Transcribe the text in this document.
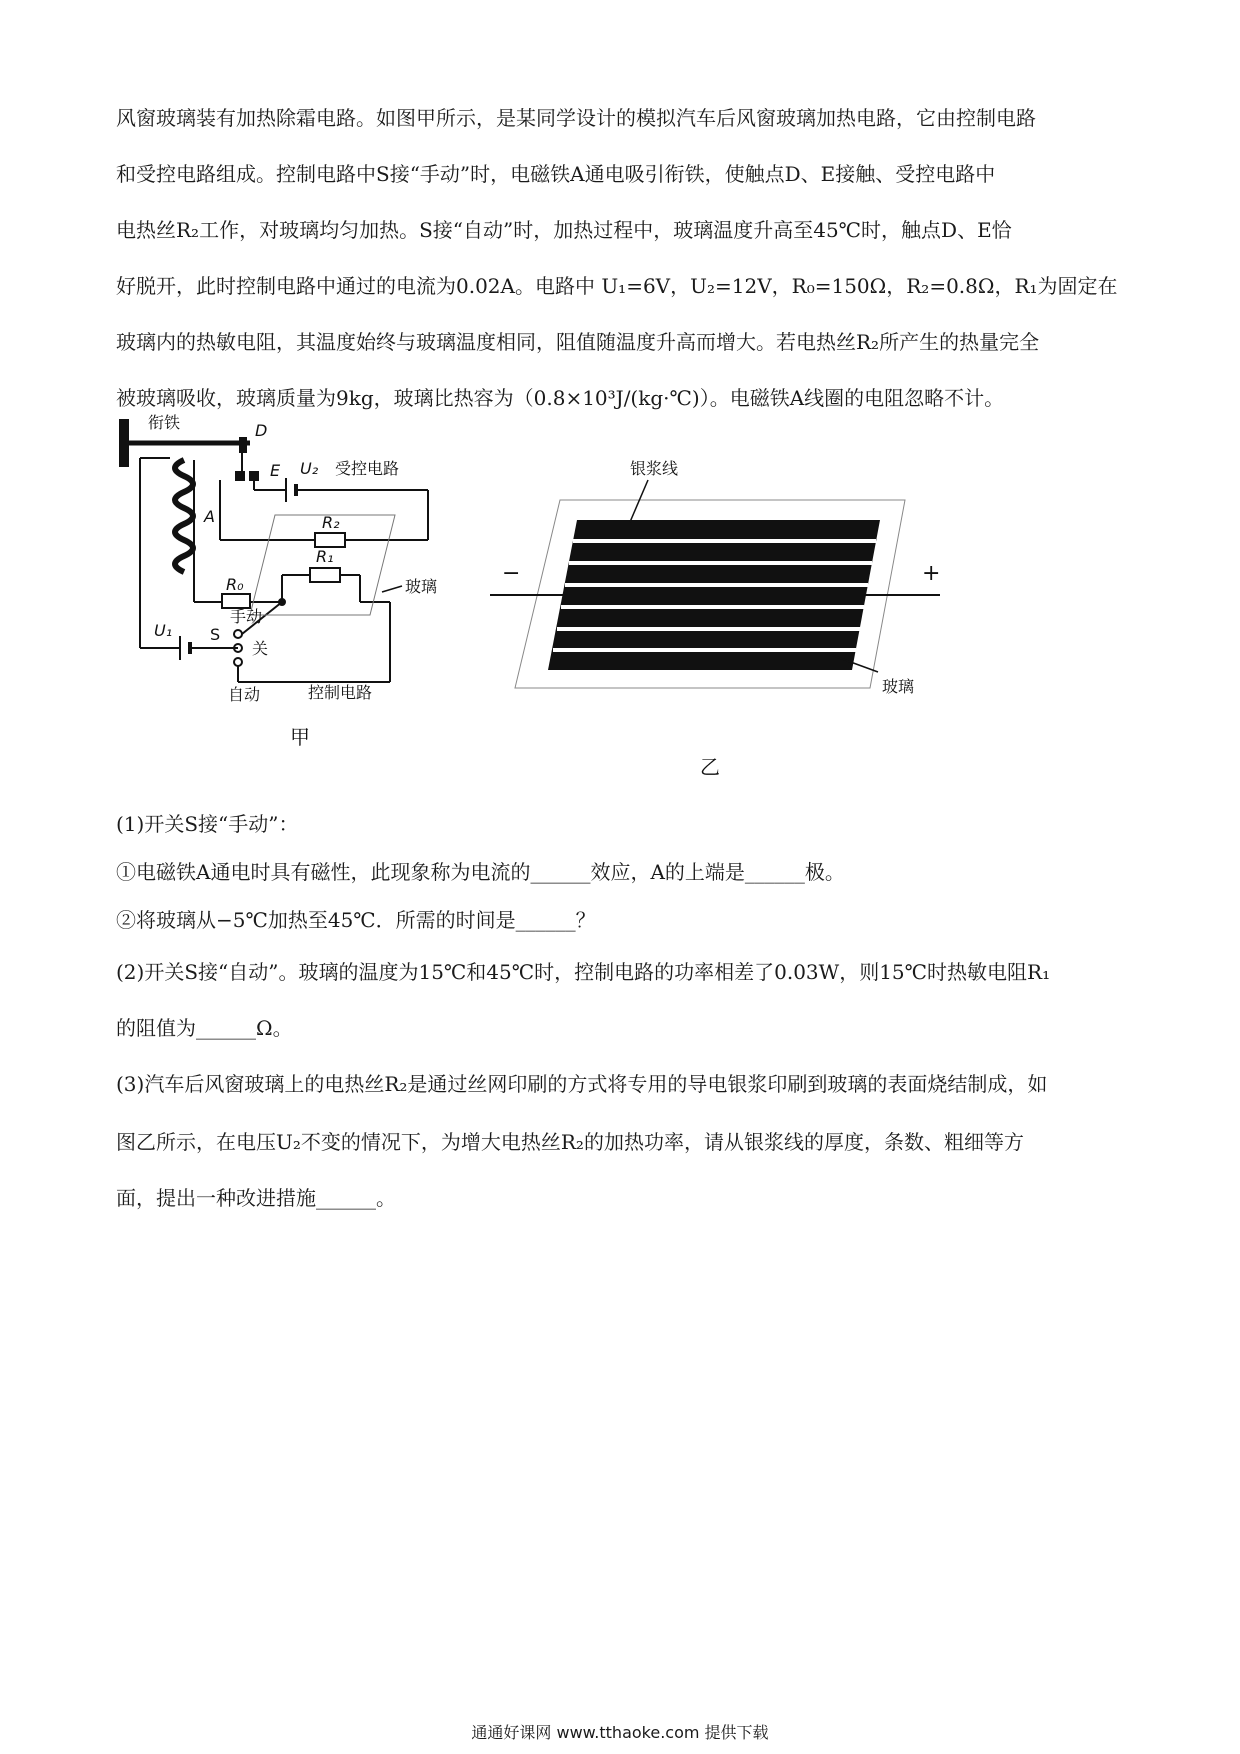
风窗玻璃装有加热除霜电路。如图甲所示，是某同学设计的模拟汽车后风窗玻璃加热电路，它由控制电路
和受控电路组成。控制电路中S接“手动”时，电磁铁A通电吸引衔铁，使触点D、E接触、受控电路中
电热丝R₂工作，对玻璃均匀加热。S接“自动”时，加热过程中，玻璃温度升高至45℃时，触点D、E恰
好脱开，此时控制电路中通过的电流为0.02A。电路中 U₁=6V，U₂=12V，R₀=150Ω，R₂=0.8Ω，R₁为固定在
玻璃内的热敏电阻，其温度始终与玻璃温度相同，阻值随温度升高而增大。若电热丝R₂所产生的热量完全
被玻璃吸收，玻璃质量为9kg，玻璃比热容为（0.8×10³J/(kg·℃)）。电磁铁A线圈的电阻忽略不计。
衔铁	D
E U₂ 受控电路
A	R₂
R₁
R₀	玻璃
S
手动
U₁
关
自动	控制电路
甲
银浆线
−	+
玻璃
乙
(1)开关S接“手动”：
①电磁铁A通电时具有磁性，此现象称为电流的______效应，A的上端是______极。
②将玻璃从−5℃加热至45℃．所需的时间是______？
(2)开关S接“自动”。玻璃的温度为15℃和45℃时，控制电路的功率相差了0.03W，则15℃时热敏电阻R₁
的阻值为______Ω。
(3)汽车后风窗玻璃上的电热丝R₂是通过丝网印刷的方式将专用的导电银浆印刷到玻璃的表面烧结制成，如
图乙所示，在电压U₂不变的情况下，为增大电热丝R₂的加热功率，请从银浆线的厚度，条数、粗细等方
面，提出一种改进措施______。
通通好课网 www.tthaoke.com 提供下载
